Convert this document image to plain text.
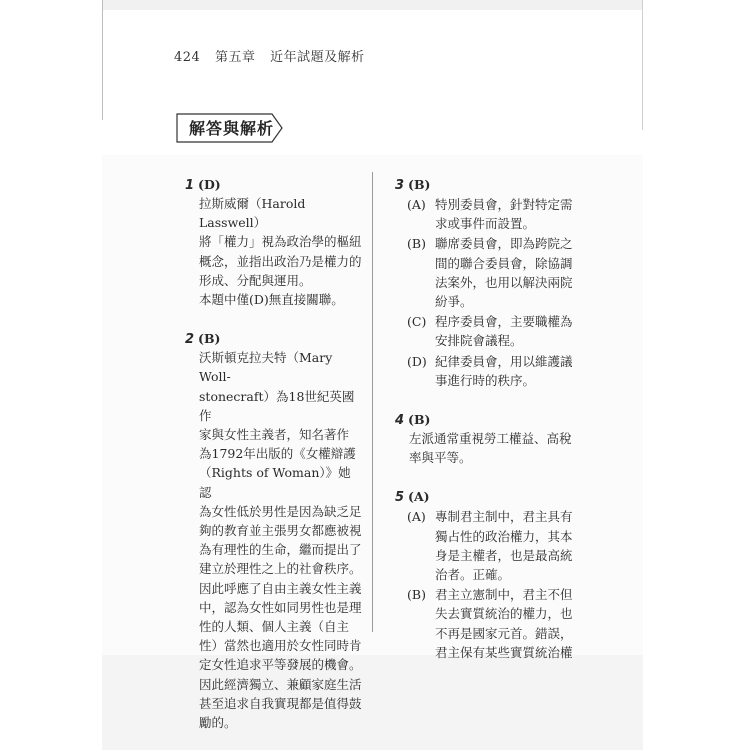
424 第五章 近年試題及解析
解答與解析
1 (D)
拉斯威爾（Harold Lasswell）
將「權力」視為政治學的樞紐
概念，並指出政治乃是權力的
形成、分配與運用。
本題中僅(D)無直接關聯。
2 (B)
沃斯頓克拉夫特（Mary Woll-
stonecraft）為18世紀英國作
家與女性主義者，知名著作
為1792年出版的《女權辯護
（Rights of Woman）》她認
為女性低於男性是因為缺乏足
夠的教育並主張男女都應被視
為有理性的生命，繼而提出了
建立於理性之上的社會秩序。
因此呼應了自由主義女性主義
中，認為女性如同男性也是理
性的人類、個人主義（自主
性）當然也適用於女性同時肯
定女性追求平等發展的機會。
因此經濟獨立、兼顧家庭生活
甚至追求自我實現都是值得鼓
勵的。
3 (B)
(A) 特別委員會，針對特定需
求或事件而設置。
(B) 聯席委員會，即為跨院之
間的聯合委員會，除協調
法案外，也用以解決兩院
紛爭。
(C) 程序委員會，主要職權為
安排院會議程。
(D) 紀律委員會，用以維護議
事進行時的秩序。
4 (B)
左派通常重視勞工權益、高稅
率與平等。
5 (A)
(A) 專制君主制中，君主具有
獨占性的政治權力，其本
身是主權者，也是最高統
治者。正確。
(B) 君主立憲制中，君主不但
失去實質統治的權力，也
不再是國家元首。錯誤，
君主保有某些實質統治權
